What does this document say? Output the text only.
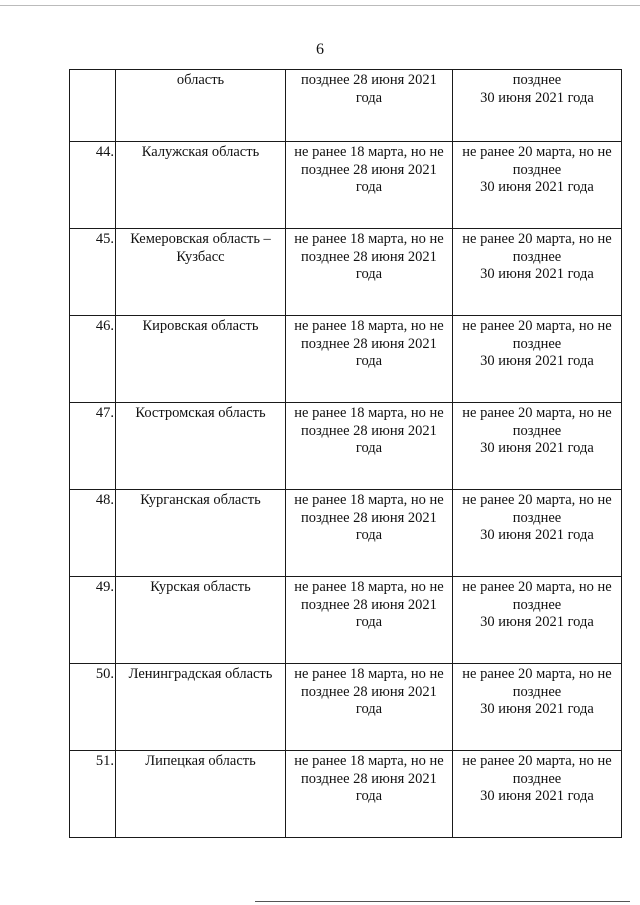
6

	область	позднее 28 июня 2021
года	позднее
30 июня 2021 года

44.	Калужская область	не ранее 18 марта, но не
позднее 28 июня 2021
года	не ранее 20 марта, но не
позднее
30 июня 2021 года

45.	Кемеровская область –
Кузбасс	не ранее 18 марта, но не
позднее 28 июня 2021
года	не ранее 20 марта, но не
позднее
30 июня 2021 года

46.	Кировская область	не ранее 18 марта, но не
позднее 28 июня 2021
года	не ранее 20 марта, но не
позднее
30 июня 2021 года

47.	Костромская область	не ранее 18 марта, но не
позднее 28 июня 2021
года	не ранее 20 марта, но не
позднее
30 июня 2021 года

48.	Курганская область	не ранее 18 марта, но не
позднее 28 июня 2021
года	не ранее 20 марта, но не
позднее
30 июня 2021 года

49.	Курская область	не ранее 18 марта, но не
позднее 28 июня 2021
года	не ранее 20 марта, но не
позднее
30 июня 2021 года

50.	Ленинградская область	не ранее 18 марта, но не
позднее 28 июня 2021
года	не ранее 20 марта, но не
позднее
30 июня 2021 года

51.	Липецкая область	не ранее 18 марта, но не
позднее 28 июня 2021
года	не ранее 20 марта, но не
позднее
30 июня 2021 года
